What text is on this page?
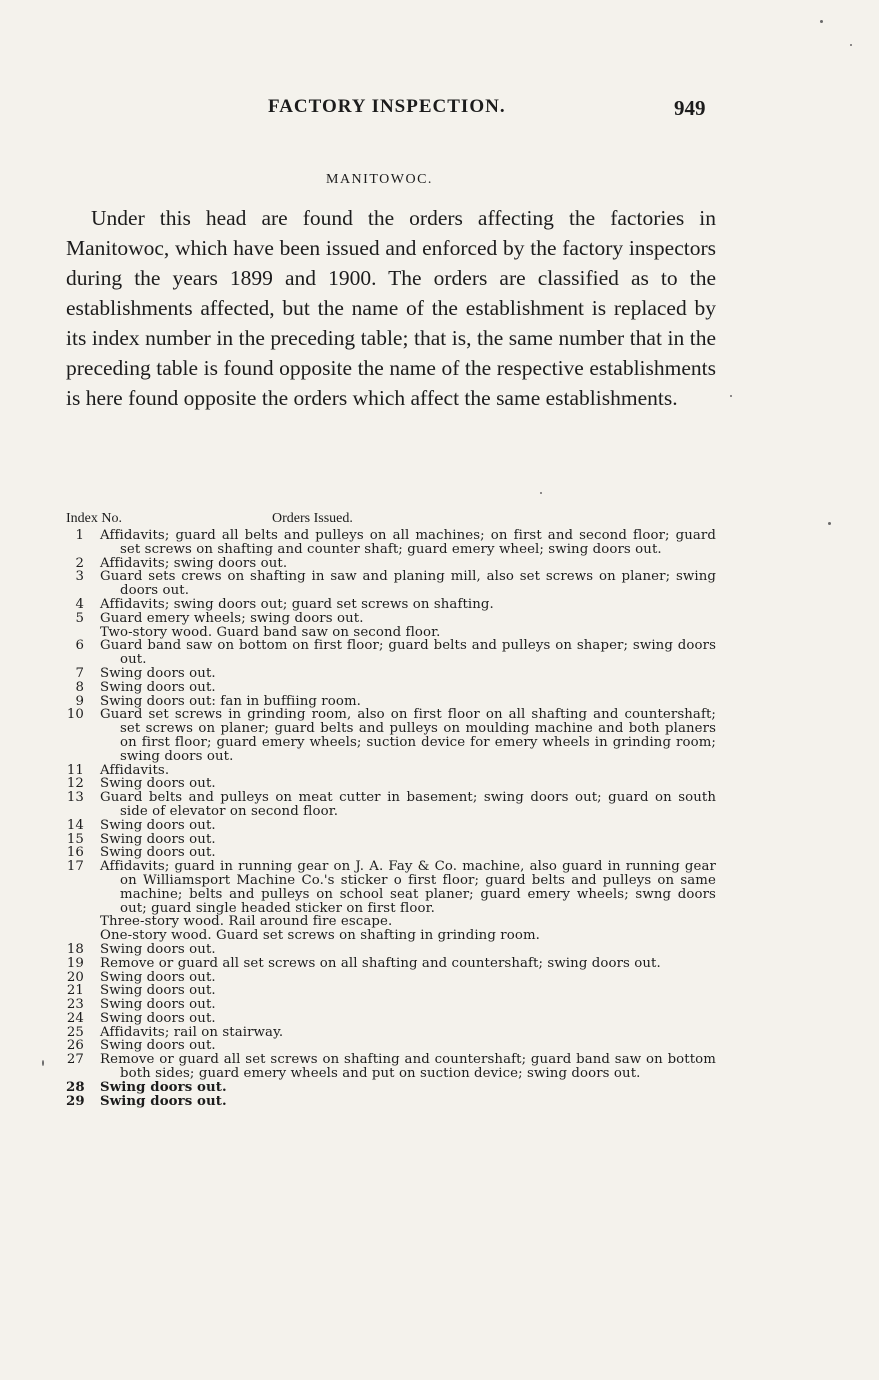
FACTORY INSPECTION.	949
MANITOWOC.
Under this head are found the orders affecting the factories in Manitowoc, which have been issued and enforced by the factory inspectors during the years 1899 and 1900. The orders are classified as to the establishments affected, but the name of the establishment is replaced by its index number in the preceding table; that is, the same number that in the preceding table is found opposite the name of the respective establishments is here found opposite the orders which affect the same establishments.
Index No.	Orders Issued.
1 Affidavits; guard all belts and pulleys on all machines; on first and second floor; guard set screws on shafting and counter shaft; guard emery wheel; swing doors out.
2 Affidavits; swing doors out.
3 Guard sets crews on shafting in saw and planing mill, also set screws on planer; swing doors out.
4 Affidavits; swing doors out; guard set screws on shafting.
5 Guard emery wheels; swing doors out.
Two-story wood. Guard band saw on second floor.
6 Guard band saw on bottom on first floor; guard belts and pulleys on shaper; swing doors out.
7 Swing doors out.
8 Swing doors out.
9 Swing doors out: fan in buffiing room.
10 Guard set screws in grinding room, also on first floor on all shafting and countershaft; set screws on planer; guard belts and pulleys on moulding machine and both planers on first floor; guard emery wheels; suction device for emery wheels in grinding room; swing doors out.
11 Affidavits.
12 Swing doors out.
13 Guard belts and pulleys on meat cutter in basement; swing doors out; guard on south side of elevator on second floor.
14 Swing doors out.
15 Swing doors out.
16 Swing doors out.
17 Affidavits; guard in running gear on J. A. Fay & Co. machine, also guard in running gear on Williamsport Machine Co.'s sticker o first floor; guard belts and pulleys on same machine; belts and pulleys on school seat planer; guard emery wheels; swng doors out; guard single headed sticker on first floor.
Three-story wood. Rail around fire escape.
One-story wood. Guard set screws on shafting in grinding room.
18 Swing doors out.
19 Remove or guard all set screws on all shafting and countershaft; swing doors out.
20 Swing doors out.
21 Swing doors out.
23 Swing doors out.
24 Swing doors out.
25 Affidavits; rail on stairway.
26 Swing doors out.
27 Remove or guard all set screws on shafting and countershaft; guard band saw on bottom both sides; guard emery wheels and put on suction device; swing doors out.
28 Swing doors out.
29 Swing doors out.
